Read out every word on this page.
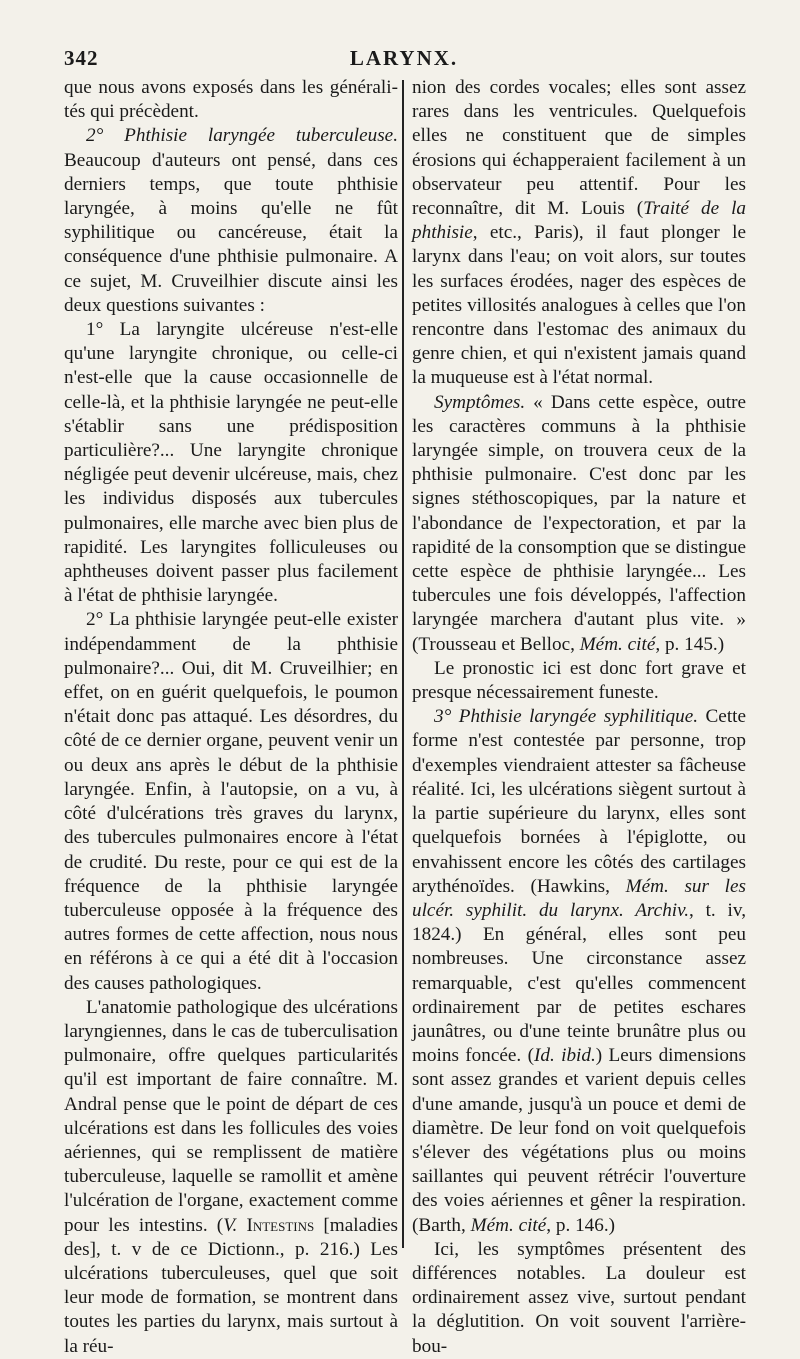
342	LARYNX.

que nous avons exposés dans les générali-tés qui précèdent.

2° Phthisie laryngée tuberculeuse. Beaucoup d'auteurs ont pensé, dans ces derniers temps, que toute phthisie laryngée, à moins qu'elle ne fût syphilitique ou cancéreuse, était la conséquence d'une phthisie pulmonaire. A ce sujet, M. Cruveilhier discute ainsi les deux questions suivantes :

1° La laryngite ulcéreuse n'est-elle qu'une laryngite chronique, ou celle-ci n'est-elle que la cause occasionnelle de celle-là, et la phthisie laryngée ne peut-elle s'établir sans une prédisposition particulière?... Une laryngite chronique négligée peut devenir ulcéreuse, mais, chez les individus disposés aux tubercules pulmonaires, elle marche avec bien plus de rapidité. Les laryngites folliculeuses ou aphtheuses doivent passer plus facilement à l'état de phthisie laryngée.

2° La phthisie laryngée peut-elle exister indépendamment de la phthisie pulmonaire?... Oui, dit M. Cruveilhier; en effet, on en guérit quelquefois, le poumon n'était donc pas attaqué. Les désordres, du côté de ce dernier organe, peuvent venir un ou deux ans après le début de la phthisie laryngée. Enfin, à l'autopsie, on a vu, à côté d'ulcérations très graves du larynx, des tubercules pulmonaires encore à l'état de crudité. Du reste, pour ce qui est de la fréquence de la phthisie laryngée tuberculeuse opposée à la fréquence des autres formes de cette affection, nous nous en référons à ce qui a été dit à l'occasion des causes pathologiques.

L'anatomie pathologique des ulcérations laryngiennes, dans le cas de tuberculisation pulmonaire, offre quelques particularités qu'il est important de faire connaître. M. Andral pense que le point de départ de ces ulcérations est dans les follicules des voies aériennes, qui se remplissent de matière tuberculeuse, laquelle se ramollit et amène l'ulcération de l'organe, exactement comme pour les intestins. (V. Intestins [maladies des], t. v de ce Dictionn., p. 216.) Les ulcérations tuberculeuses, quel que soit leur mode de formation, se montrent dans toutes les parties du larynx, mais surtout à la réu-

nion des cordes vocales; elles sont assez rares dans les ventricules. Quelquefois elles ne constituent que de simples érosions qui échapperaient facilement à un observateur peu attentif. Pour les reconnaître, dit M. Louis (Traité de la phthisie, etc., Paris), il faut plonger le larynx dans l'eau; on voit alors, sur toutes les surfaces érodées, nager des espèces de petites villosités analogues à celles que l'on rencontre dans l'estomac des animaux du genre chien, et qui n'existent jamais quand la muqueuse est à l'état normal.

Symptômes. « Dans cette espèce, outre les caractères communs à la phthisie laryngée simple, on trouvera ceux de la phthisie pulmonaire. C'est donc par les signes stéthoscopiques, par la nature et l'abondance de l'expectoration, et par la rapidité de la consomption que se distingue cette espèce de phthisie laryngée... Les tubercules une fois développés, l'affection laryngée marchera d'autant plus vite. » (Trousseau et Belloc, Mém. cité, p. 145.)

Le pronostic ici est donc fort grave et presque nécessairement funeste.

3° Phthisie laryngée syphilitique. Cette forme n'est contestée par personne, trop d'exemples viendraient attester sa fâcheuse réalité. Ici, les ulcérations siègent surtout à la partie supérieure du larynx, elles sont quelquefois bornées à l'épiglotte, ou envahissent encore les côtés des cartilages arythénoïdes. (Hawkins, Mém. sur les ulcér. syphilit. du larynx. Archiv., t. iv, 1824.) En général, elles sont peu nombreuses. Une circonstance assez remarquable, c'est qu'elles commencent ordinairement par de petites eschares jaunâtres, ou d'une teinte brunâtre plus ou moins foncée. (Id. ibid.) Leurs dimensions sont assez grandes et varient depuis celles d'une amande, jusqu'à un pouce et demi de diamètre. De leur fond on voit quelquefois s'élever des végétations plus ou moins saillantes qui peuvent rétrécir l'ouverture des voies aériennes et gêner la respiration. (Barth, Mém. cité, p. 146.)

Ici, les symptômes présentent des différences notables. La douleur est ordinairement assez vive, surtout pendant la déglutition. On voit souvent l'arrière-bou-
